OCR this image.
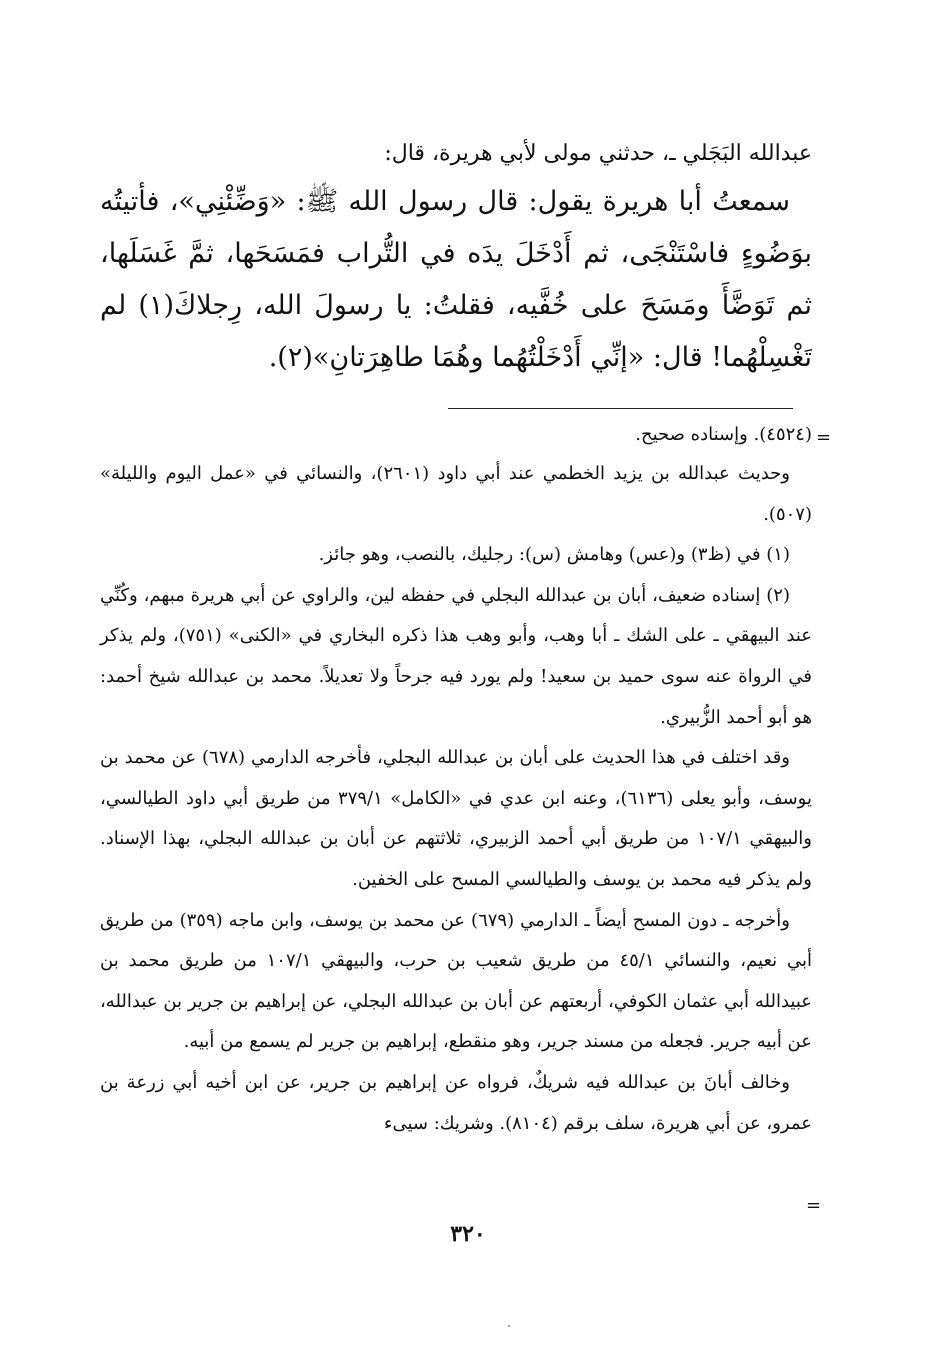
عبدالله البَجَلي ـ، حدثني مولى لأبي هريرة، قال:

سمعتُ أبا هريرة يقول: قال رسول الله ﷺ: «وَضِّئْنِي»، فأتيتُه بوَضُوءٍ فاسْتَنْجَى، ثم أَدْخَلَ يدَه في التُّراب فمَسَحَها، ثمَّ غَسَلَها، ثم تَوَضَّأَ ومَسَحَ على خُفَّيه، فقلتُ: يا رسولَ الله، رِجلاكَ(١) لم تَغْسِلْهُما! قال: «إنِّي أَدْخَلْتُهُما وهُمَا طاهِرَتانِ»(٢).

=

(٤٥٢٤). وإسناده صحيح.

وحديث عبدالله بن يزيد الخطمي عند أبي داود (٢٦٠١)، والنسائي في «عمل اليوم والليلة» (٥٠٧).

(١) في (ظ٣) و(عس) وهامش (س): رجليك، بالنصب، وهو جائز.

(٢) إسناده ضعيف، أبان بن عبدالله البجلي في حفظه لين، والراوي عن أبي هريرة مبهم، وكُنِّي عند البيهقي ـ على الشك ـ أبا وهب، وأبو وهب هذا ذكره البخاري في «الكنى» (٧٥١)، ولم يذكر في الرواة عنه سوى حميد بن سعيد! ولم يورد فيه جرحاً ولا تعديلاً. محمد بن عبدالله شيخ أحمد: هو أبو أحمد الزُّبيري.

وقد اختلف في هذا الحديث على أبان بن عبدالله البجلي، فأخرجه الدارمي (٦٧٨) عن محمد بن يوسف، وأبو يعلى (٦١٣٦)، وعنه ابن عدي في «الكامل» ٣٧٩/١ من طريق أبي داود الطيالسي، والبيهقي ١٠٧/١ من طريق أبي أحمد الزبيري، ثلاثتهم عن أبان بن عبدالله البجلي، بهذا الإسناد. ولم يذكر فيه محمد بن يوسف والطيالسي المسح على الخفين.

وأخرجه ـ دون المسح أيضاً ـ الدارمي (٦٧٩) عن محمد بن يوسف، وابن ماجه (٣٥٩) من طريق أبي نعيم، والنسائي ٤٥/١ من طريق شعيب بن حرب، والبيهقي ١٠٧/١ من طريق محمد بن عبيدالله أبي عثمان الكوفي، أربعتهم عن أبان بن عبدالله البجلي، عن إبراهيم بن جرير بن عبدالله، عن أبيه جرير. فجعله من مسند جرير، وهو منقطع، إبراهيم بن جرير لم يسمع من أبيه.

وخالف أبانَ بن عبدالله فيه شريكٌ، فرواه عن إبراهيم بن جرير، عن ابن أخيه أبي زرعة بن عمرو، عن أبي هريرة، سلف برقم (٨١٠٤). وشريك: سيىء

=
٣٢٠
